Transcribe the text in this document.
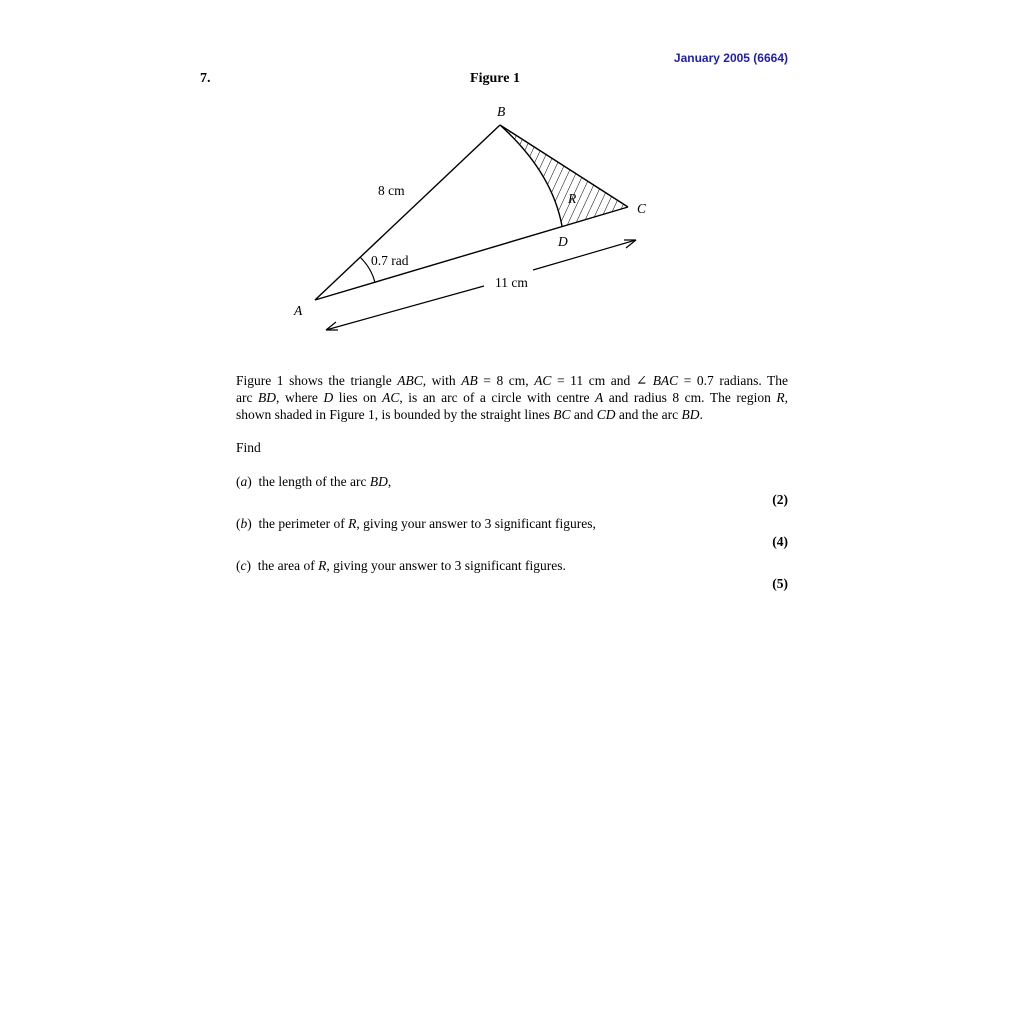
January 2005 (6664)
7.	Figure 1
A
B
C
D
R
8 cm
11 cm
0.7 rad
Figure 1 shows the triangle ABC, with AB = 8 cm, AC = 11 cm and ∠ BAC = 0.7 radians. The
arc BD, where D lies on AC, is an arc of a circle with centre A and radius 8 cm. The region R,
shown shaded in Figure 1, is bounded by the straight lines BC and CD and the arc BD.
Find
(a)  the length of the arc BD,
(2)
(b)  the perimeter of R, giving your answer to 3 significant figures,
(4)
(c)  the area of R, giving your answer to 3 significant figures.
(5)
